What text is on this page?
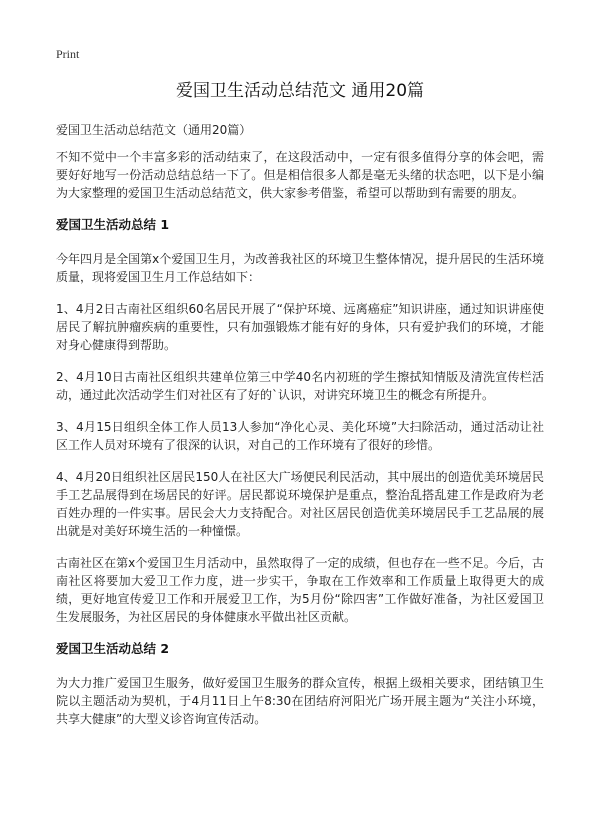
Print
爱国卫生活动总结范文 通用20篇

爱国卫生活动总结范文（通用20篇）

不知不觉中一个丰富多彩的活动结束了，在这段活动中，一定有很多值得分享的体会吧，需要好好地写一份活动总结总结一下了。但是相信很多人都是毫无头绪的状态吧，以下是小编为大家整理的爱国卫生活动总结范文，供大家参考借鉴，希望可以帮助到有需要的朋友。

爱国卫生活动总结 1

今年四月是全国第x个爱国卫生月，为改善我社区的环境卫生整体情况，提升居民的生活环境质量，现将爱国卫生月工作总结如下：

1、4月2日古南社区组织60名居民开展了“保护环境、远离癌症”知识讲座，通过知识讲座使居民了解抗肿瘤疾病的重要性，只有加强锻炼才能有好的身体，只有爱护我们的环境，才能对身心健康得到帮助。

2、4月10日古南社区组织共建单位第三中学40名内初班的学生擦拭知情版及清洗宣传栏活动，通过此次活动学生们对社区有了好的`认识，对讲究环境卫生的概念有所提升。

3、4月15日组织全体工作人员13人参加“净化心灵、美化环境”大扫除活动，通过活动让社区工作人员对环境有了很深的认识，对自己的工作环境有了很好的珍惜。

4、4月20日组织社区居民150人在社区大广场便民利民活动，其中展出的创造优美环境居民手工艺品展得到在场居民的好评。居民都说环境保护是重点，整治乱搭乱建工作是政府为老百姓办理的一件实事。居民会大力支持配合。对社区居民创造优美环境居民手工艺品展的展出就是对美好环境生活的一种憧憬。

古南社区在第x个爱国卫生月活动中，虽然取得了一定的成绩，但也存在一些不足。今后，古南社区将要加大爱卫工作力度，进一步实干，争取在工作效率和工作质量上取得更大的成绩，更好地宣传爱卫工作和开展爱卫工作，为5月份“除四害”工作做好准备，为社区爱国卫生发展服务，为社区居民的身体健康水平做出社区贡献。

爱国卫生活动总结 2

为大力推广爱国卫生服务，做好爱国卫生服务的群众宣传，根据上级相关要求，团结镇卫生院以主题活动为契机，于4月11日上午8:30在团结府河阳光广场开展主题为“关注小环境，共享大健康”的大型义诊咨询宣传活动。
